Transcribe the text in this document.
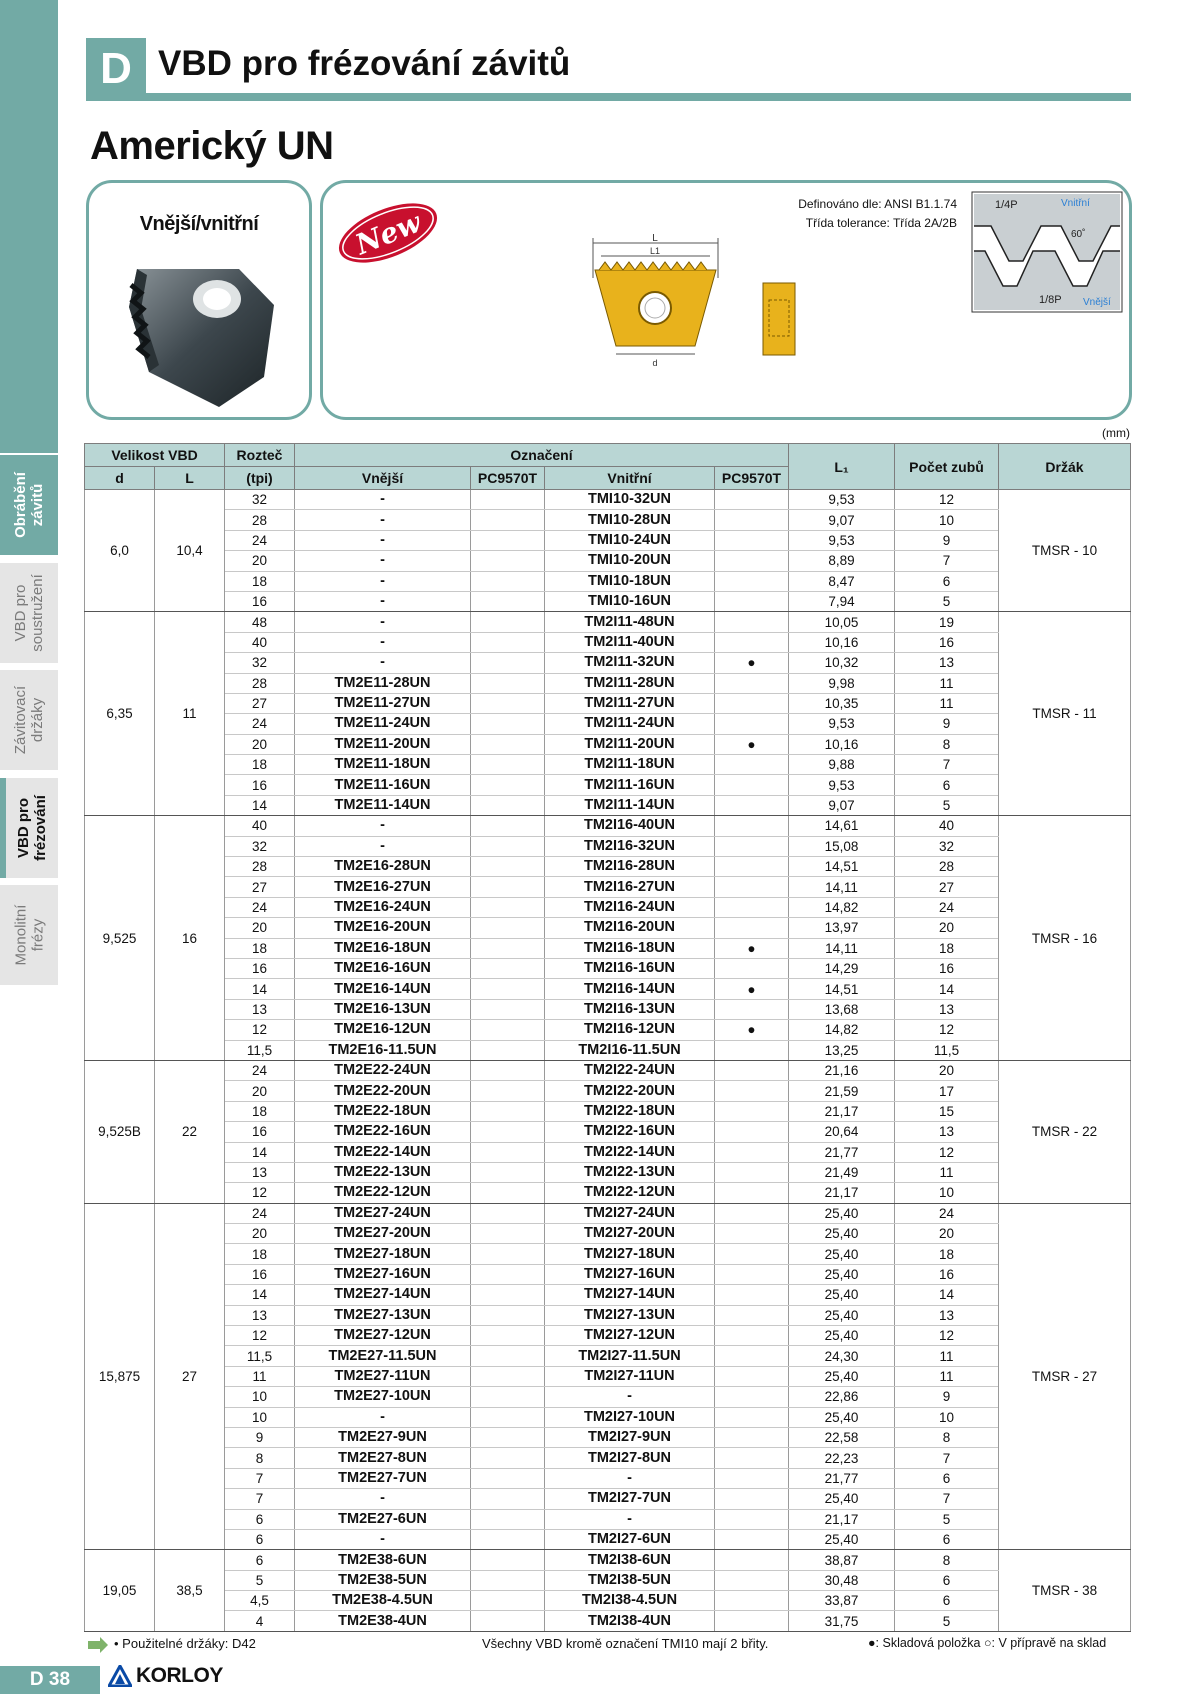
Obrábění
závitů
VBD pro
soustružení
Závitovací
držáky
VBD pro
frézování
Monolitní
frézy
D VBD pro frézování závitů
Americký UN
Vnější/vnitřní	New	L
L1
d
Definováno dle: ANSI B1.1.74
Třída tolerance: Třída 2A/2B
1/4P	Vnitřní
60˚
1/8P Vnější
(mm)
Velikost VBD		Rozteč	Označení				L₁	Počet zubů	Držák
d	L	(tpi)	Vnější	PC9570T	Vnitřní	PC9570T			
6,0	10,4	32	-		TMI10-32UN		9,53	12	TMSR - 10
		28	-		TMI10-28UN		9,07	10	
		24	-		TMI10-24UN		9,53	9	
		20	-		TMI10-20UN		8,89	7	
		18	-		TMI10-18UN		8,47	6	
		16	-		TMI10-16UN		7,94	5	
6,35	11	48	-		TM2I11-48UN		10,05	19	TMSR - 11
		40	-		TM2I11-40UN		10,16	16	
		32	-		TM2I11-32UN	●	10,32	13	
		28	TM2E11-28UN		TM2I11-28UN		9,98	11	
		27	TM2E11-27UN		TM2I11-27UN		10,35	11	
		24	TM2E11-24UN		TM2I11-24UN		9,53	9	
		20	TM2E11-20UN		TM2I11-20UN	●	10,16	8	
		18	TM2E11-18UN		TM2I11-18UN		9,88	7	
		16	TM2E11-16UN		TM2I11-16UN		9,53	6	
		14	TM2E11-14UN		TM2I11-14UN		9,07	5	
9,525	16	40	-		TM2I16-40UN		14,61	40	TMSR - 16
		32	-		TM2I16-32UN		15,08	32	
		28	TM2E16-28UN		TM2I16-28UN		14,51	28	
		27	TM2E16-27UN		TM2I16-27UN		14,11	27	
		24	TM2E16-24UN		TM2I16-24UN		14,82	24	
		20	TM2E16-20UN		TM2I16-20UN		13,97	20	
		18	TM2E16-18UN		TM2I16-18UN	●	14,11	18	
		16	TM2E16-16UN		TM2I16-16UN		14,29	16	
		14	TM2E16-14UN		TM2I16-14UN	●	14,51	14	
		13	TM2E16-13UN		TM2I16-13UN		13,68	13	
		12	TM2E16-12UN		TM2I16-12UN	●	14,82	12	
		11,5	TM2E16-11.5UN		TM2I16-11.5UN		13,25	11,5	
9,525B	22	24	TM2E22-24UN		TM2I22-24UN		21,16	20	TMSR - 22
		20	TM2E22-20UN		TM2I22-20UN		21,59	17	
		18	TM2E22-18UN		TM2I22-18UN		21,17	15	
		16	TM2E22-16UN		TM2I22-16UN		20,64	13	
		14	TM2E22-14UN		TM2I22-14UN		21,77	12	
		13	TM2E22-13UN		TM2I22-13UN		21,49	11	
		12	TM2E22-12UN		TM2I22-12UN		21,17	10	
15,875	27	24	TM2E27-24UN		TM2I27-24UN		25,40	24	TMSR - 27
		20	TM2E27-20UN		TM2I27-20UN		25,40	20	
		18	TM2E27-18UN		TM2I27-18UN		25,40	18	
		16	TM2E27-16UN		TM2I27-16UN		25,40	16	
		14	TM2E27-14UN		TM2I27-14UN		25,40	14	
		13	TM2E27-13UN		TM2I27-13UN		25,40	13	
		12	TM2E27-12UN		TM2I27-12UN		25,40	12	
		11,5	TM2E27-11.5UN		TM2I27-11.5UN		24,30	11	
		11	TM2E27-11UN		TM2I27-11UN		25,40	11	
		10	TM2E27-10UN		-		22,86	9	
		10	-		TM2I27-10UN		25,40	10	
		9	TM2E27-9UN		TM2I27-9UN		22,58	8	
		8	TM2E27-8UN		TM2I27-8UN		22,23	7	
		7	TM2E27-7UN		-		21,77	6	
		7	-		TM2I27-7UN		25,40	7	
		6	TM2E27-6UN		-		21,17	5	
		6	-		TM2I27-6UN		25,40	6	
19,05	38,5	6	TM2E38-6UN		TM2I38-6UN		38,87	8	TMSR - 38
		5	TM2E38-5UN		TM2I38-5UN		30,48	6	
		4,5	TM2E38-4.5UN		TM2I38-4.5UN		33,87	6	
		4	TM2E38-4UN		TM2I38-4UN		31,75	5	
• Použitelné držáky: D42	Všechny VBD kromě označení TMI10 mají 2 břity.	●: Skladová položka ○: V přípravě na sklad
D 38	KORLOY
